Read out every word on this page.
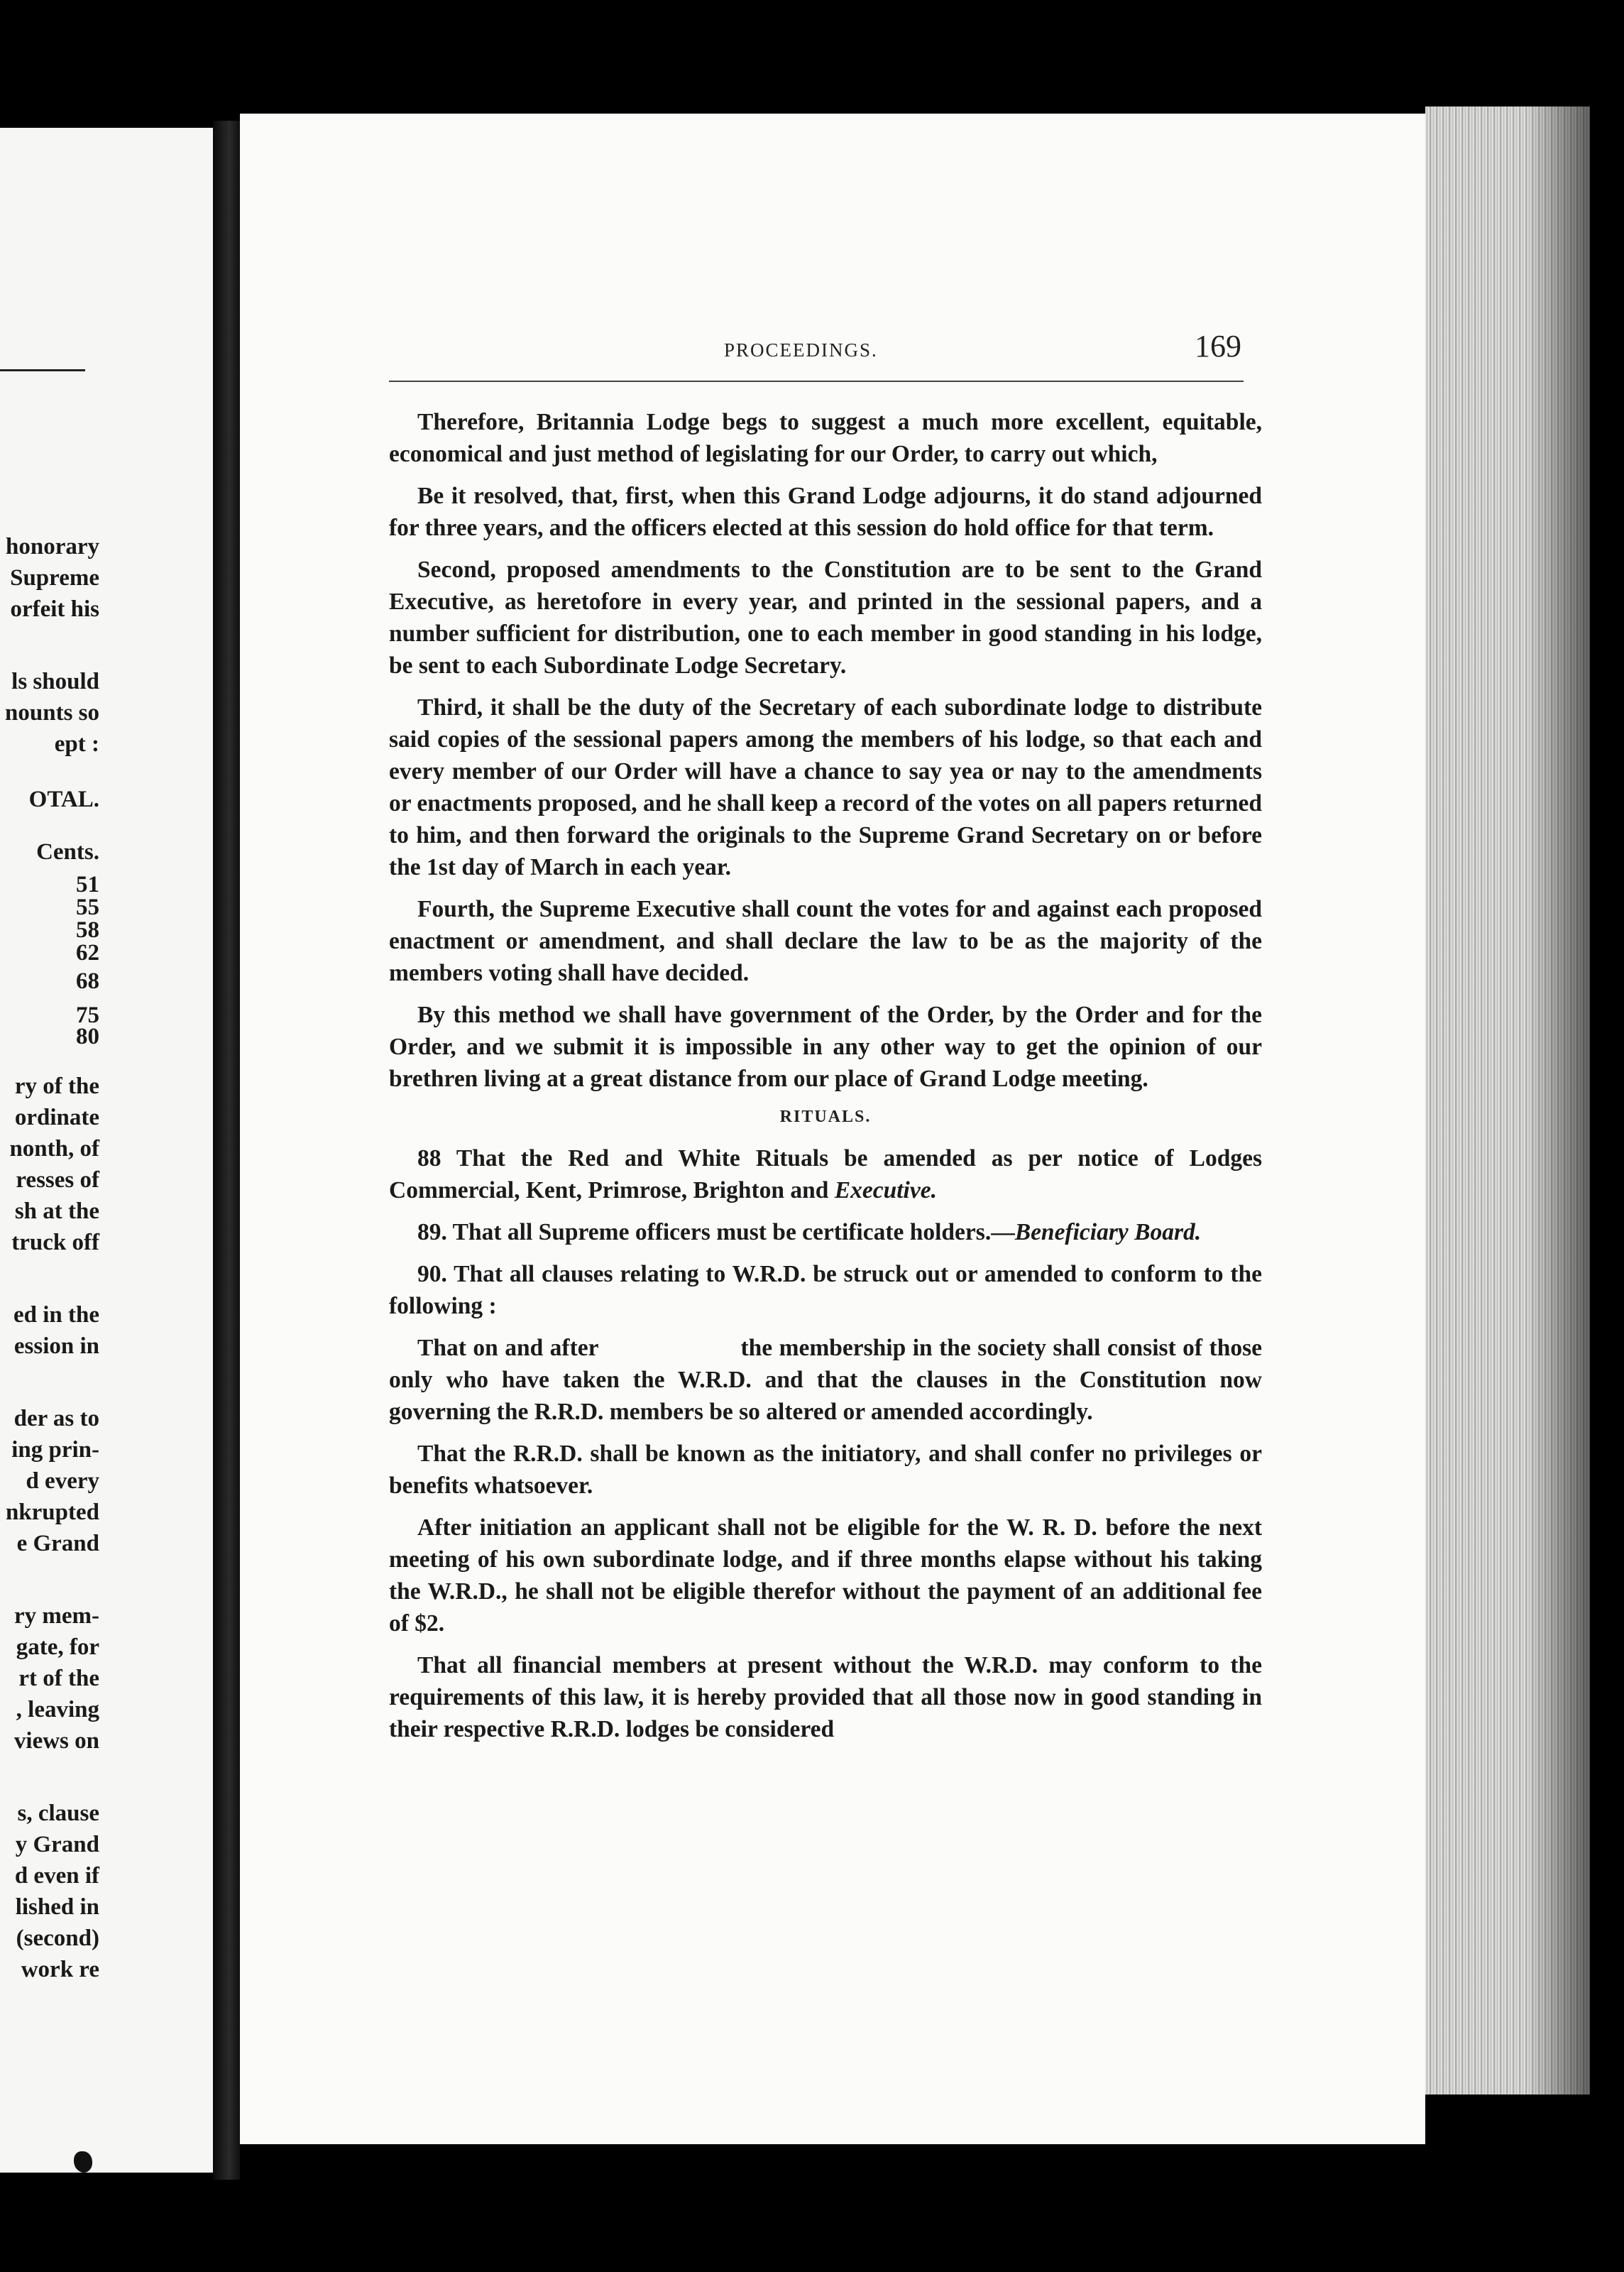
honorary
Supreme
orfeit his
ls should
nounts so
ept :
OTAL.
Cents.
51
55
58
62
68
75
80
ry of the
ordinate
nonth, of
resses of
sh at the
truck off
ed in the
ession in
der as to
ing prin-
d every
nkrupted
e Grand
ry mem-
gate, for
rt of the
, leaving
views on
s, clause
y Grand
d even if
lished in
(second)
work re
PROCEEDINGS.	169

Therefore, Britannia Lodge begs to suggest a much more excellent, equitable, economical and just method of legislating for our Order, to carry out which,

Be it resolved, that, first, when this Grand Lodge adjourns, it do stand adjourned for three years, and the officers elected at this session do hold office for that term.

Second, proposed amendments to the Constitution are to be sent to the Grand Executive, as heretofore in every year, and printed in the sessional papers, and a number sufficient for distribution, one to each member in good standing in his lodge, be sent to each Subordinate Lodge Secretary.

Third, it shall be the duty of the Secretary of each subordinate lodge to distribute said copies of the sessional papers among the members of his lodge, so that each and every member of our Order will have a chance to say yea or nay to the amendments or enactments proposed, and he shall keep a record of the votes on all papers returned to him, and then forward the originals to the Supreme Grand Secretary on or before the 1st day of March in each year.

Fourth, the Supreme Executive shall count the votes for and against each proposed enactment or amendment, and shall declare the law to be as the majority of the members voting shall have decided.

By this method we shall have government of the Order, by the Order and for the Order, and we submit it is impossible in any other way to get the opinion of our brethren living at a great distance from our place of Grand Lodge meeting.

RITUALS.

88 That the Red and White Rituals be amended as per notice of Lodges Commercial, Kent, Primrose, Brighton and Executive.

89. That all Supreme officers must be certificate holders.—Beneficiary Board.

90. That all clauses relating to W.R.D. be struck out or amended to conform to the following :

That on and after	the membership in the society shall consist of those only who have taken the W.R.D. and that the clauses in the Constitution now governing the R.R.D. members be so altered or amended accordingly.

That the R.R.D. shall be known as the initiatory, and shall confer no privileges or benefits whatsoever.

After initiation an applicant shall not be eligible for the W. R. D. before the next meeting of his own subordinate lodge, and if three months elapse without his taking the W.R.D., he shall not be eligible therefor without the payment of an additional fee of $2.

That all financial members at present without the W.R.D. may conform to the requirements of this law, it is hereby provided that all those now in good standing in their respective R.R.D. lodges be considered
